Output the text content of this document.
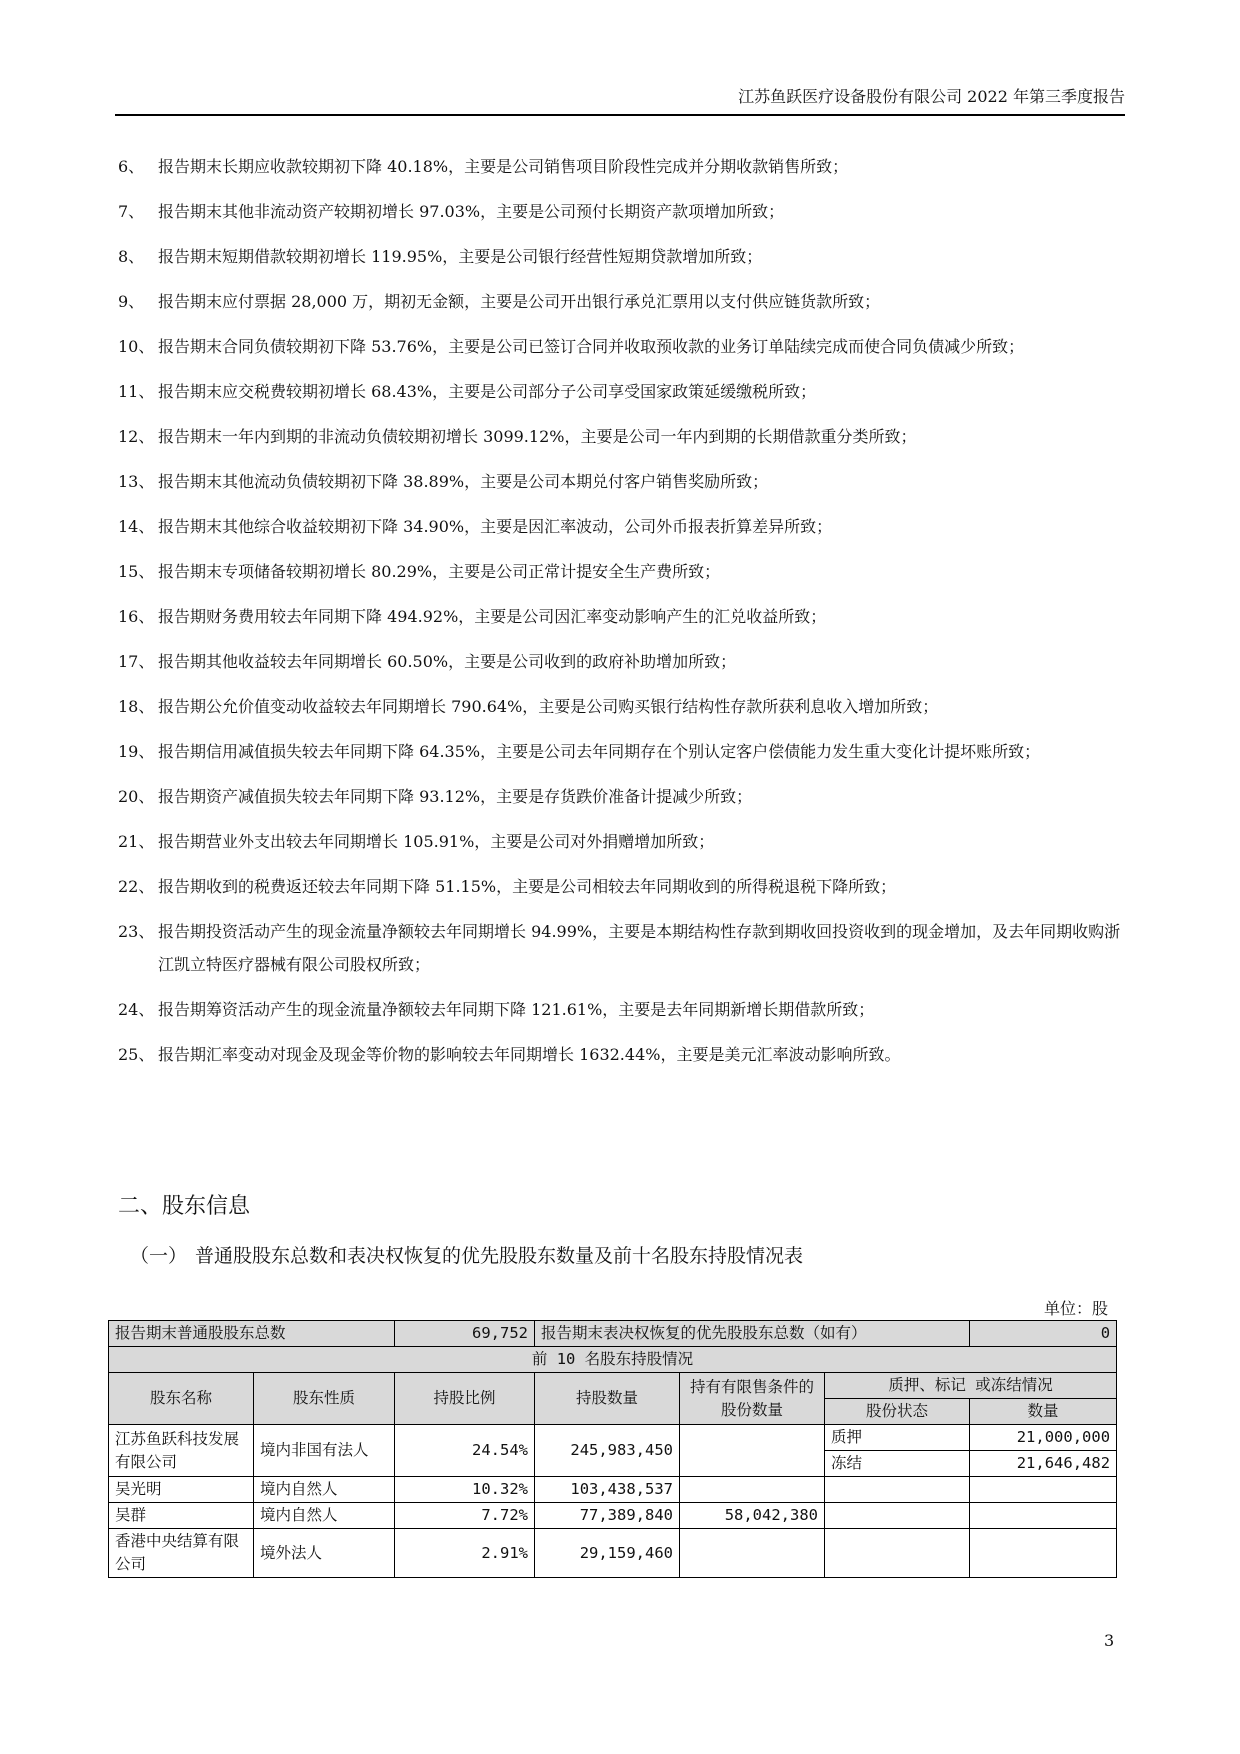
江苏鱼跃医疗设备股份有限公司 2022 年第三季度报告
6、 报告期末长期应收款较期初下降 40.18%，主要是公司销售项目阶段性完成并分期收款销售所致；
7、 报告期末其他非流动资产较期初增长 97.03%，主要是公司预付长期资产款项增加所致；
8、 报告期末短期借款较期初增长 119.95%，主要是公司银行经营性短期贷款增加所致；
9、 报告期末应付票据 28,000 万，期初无金额，主要是公司开出银行承兑汇票用以支付供应链货款所致；
10、 报告期末合同负债较期初下降 53.76%，主要是公司已签订合同并收取预收款的业务订单陆续完成而使合同负债减少所致；
11、 报告期末应交税费较期初增长 68.43%，主要是公司部分子公司享受国家政策延缓缴税所致；
12、 报告期末一年内到期的非流动负债较期初增长 3099.12%，主要是公司一年内到期的长期借款重分类所致；
13、 报告期末其他流动负债较期初下降 38.89%，主要是公司本期兑付客户销售奖励所致；
14、 报告期末其他综合收益较期初下降 34.90%，主要是因汇率波动，公司外币报表折算差异所致；
15、 报告期末专项储备较期初增长 80.29%，主要是公司正常计提安全生产费所致；
16、 报告期财务费用较去年同期下降 494.92%，主要是公司因汇率变动影响产生的汇兑收益所致；
17、 报告期其他收益较去年同期增长 60.50%，主要是公司收到的政府补助增加所致；
18、 报告期公允价值变动收益较去年同期增长 790.64%，主要是公司购买银行结构性存款所获利息收入增加所致；
19、 报告期信用减值损失较去年同期下降 64.35%，主要是公司去年同期存在个别认定客户偿债能力发生重大变化计提坏账所致；
20、 报告期资产减值损失较去年同期下降 93.12%，主要是存货跌价准备计提减少所致；
21、 报告期营业外支出较去年同期增长 105.91%，主要是公司对外捐赠增加所致；
22、 报告期收到的税费返还较去年同期下降 51.15%，主要是公司相较去年同期收到的所得税退税下降所致；
23、 报告期投资活动产生的现金流量净额较去年同期增长 94.99%，主要是本期结构性存款到期收回投资收到的现金增加，及去年同期收购浙江凯立特医疗器械有限公司股权所致；
24、 报告期筹资活动产生的现金流量净额较去年同期下降 121.61%，主要是去年同期新增长期借款所致；
25、 报告期汇率变动对现金及现金等价物的影响较去年同期增长 1632.44%，主要是美元汇率波动影响所致。
二、股东信息
（一） 普通股股东总数和表决权恢复的优先股股东数量及前十名股东持股情况表
单位：股
报告期末普通股股东总数		69,752	报告期末表决权恢复的优先股股东总数（如有）			0
前 10 名股东持股情况						
股东名称	股东性质	持股比例	持股数量	持有有限售条件的股份数量	质押、标记 或冻结情况	
					股份状态	数量
江苏鱼跃科技发展有限公司	境内非国有法人	24.54%	245,983,450		质押	21,000,000
					冻结	21,646,482
吴光明	境内自然人	10.32%	103,438,537			
吴群	境内自然人	7.72%	77,389,840	58,042,380		
香港中央结算有限公司	境外法人	2.91%	29,159,460			
3
